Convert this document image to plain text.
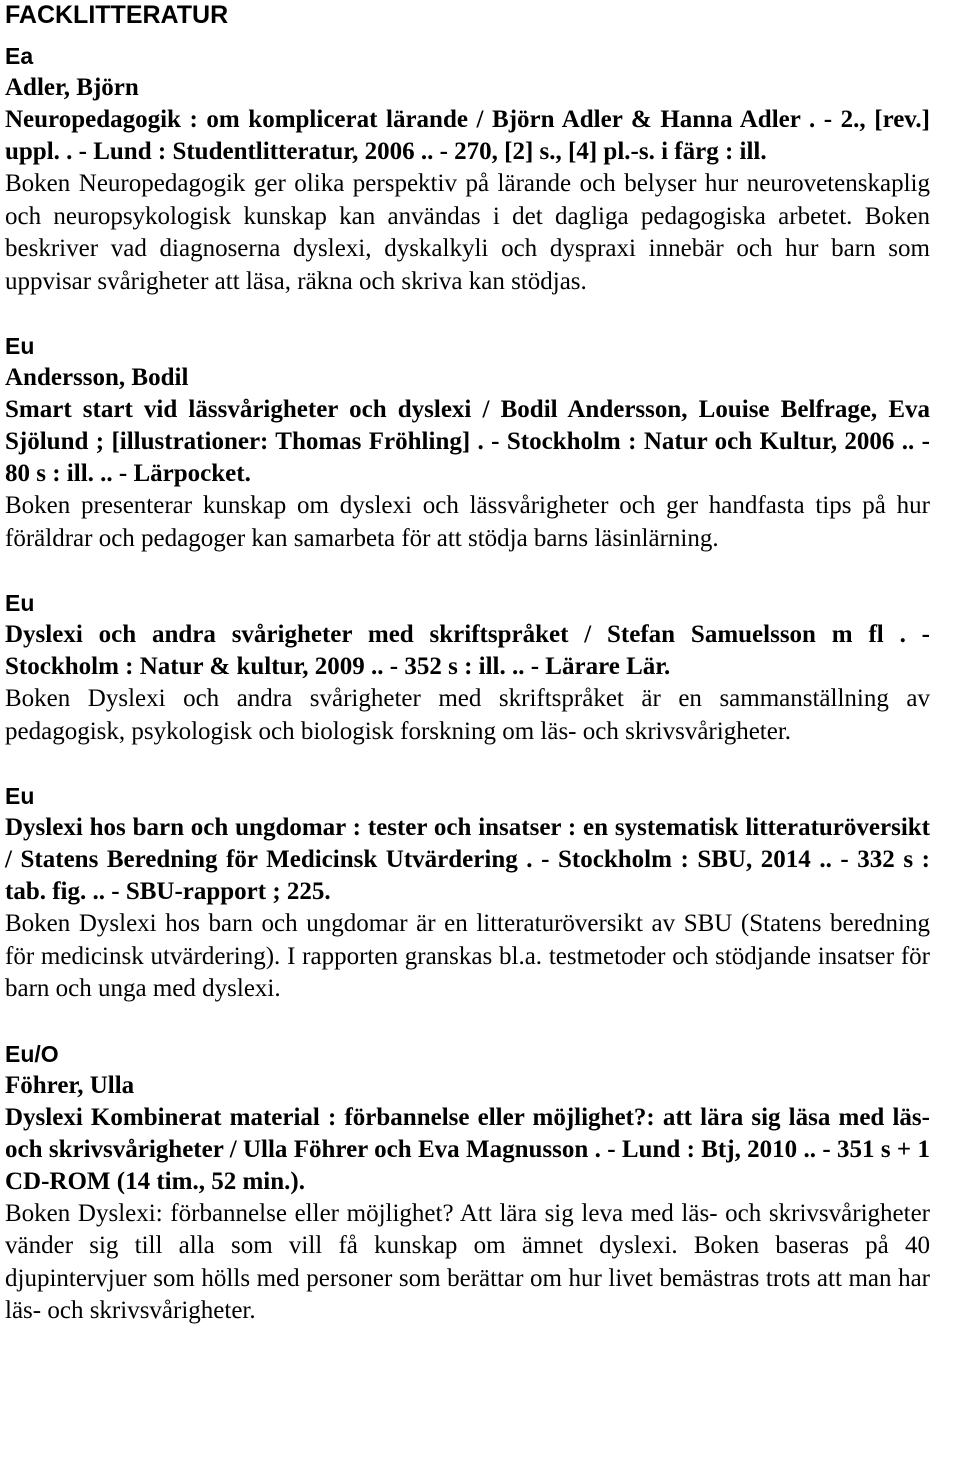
FACKLITTERATUR

Ea

Adler, Björn

Neuropedagogik : om komplicerat lärande / Björn Adler & Hanna Adler . - 2., [rev.] uppl. . - Lund : Studentlitteratur, 2006 .. - 270, [2] s., [4] pl.-s. i färg : ill.

Boken Neuropedagogik ger olika perspektiv på lärande och belyser hur neurovetenskaplig och neuropsykologisk kunskap kan användas i det dagliga pedagogiska arbetet. Boken beskriver vad diagnoserna dyslexi, dyskalkyli och dyspraxi innebär och hur barn som uppvisar svårigheter att läsa, räkna och skriva kan stödjas.

Eu

Andersson, Bodil

Smart start vid lässvårigheter och dyslexi / Bodil Andersson, Louise Belfrage, Eva Sjölund ; [illustrationer: Thomas Fröhling] . - Stockholm : Natur och Kultur, 2006 .. - 80 s : ill. .. - Lärpocket.

Boken presenterar kunskap om dyslexi och lässvårigheter och ger handfasta tips på hur föräldrar och pedagoger kan samarbeta för att stödja barns läsinlärning.

Eu

Dyslexi och andra svårigheter med skriftspråket / Stefan Samuelsson m fl . - Stockholm : Natur & kultur, 2009 .. - 352 s : ill. .. - Lärare Lär.

Boken Dyslexi och andra svårigheter med skriftspråket är en sammanställning av pedagogisk, psykologisk och biologisk forskning om läs- och skrivsvårigheter.

Eu

Dyslexi hos barn och ungdomar : tester och insatser : en systematisk litteraturöversikt / Statens Beredning för Medicinsk Utvärdering . - Stockholm : SBU, 2014 .. - 332 s : tab. fig. .. - SBU-rapport ; 225.

Boken Dyslexi hos barn och ungdomar är en litteraturöversikt av SBU (Statens beredning för medicinsk utvärdering). I rapporten granskas bl.a. testmetoder och stödjande insatser för barn och unga med dyslexi.

Eu/O

Föhrer, Ulla

Dyslexi Kombinerat material : förbannelse eller möjlighet?: att lära sig läsa med läs- och skrivsvårigheter / Ulla Föhrer och Eva Magnusson . - Lund : Btj, 2010 .. - 351 s + 1 CD-ROM (14 tim., 52 min.).

Boken Dyslexi: förbannelse eller möjlighet? Att lära sig leva med läs- och skrivsvårigheter vänder sig till alla som vill få kunskap om ämnet dyslexi. Boken baseras på 40 djupintervjuer som hölls med personer som berättar om hur livet bemästras trots att man har läs- och skrivsvårigheter.
